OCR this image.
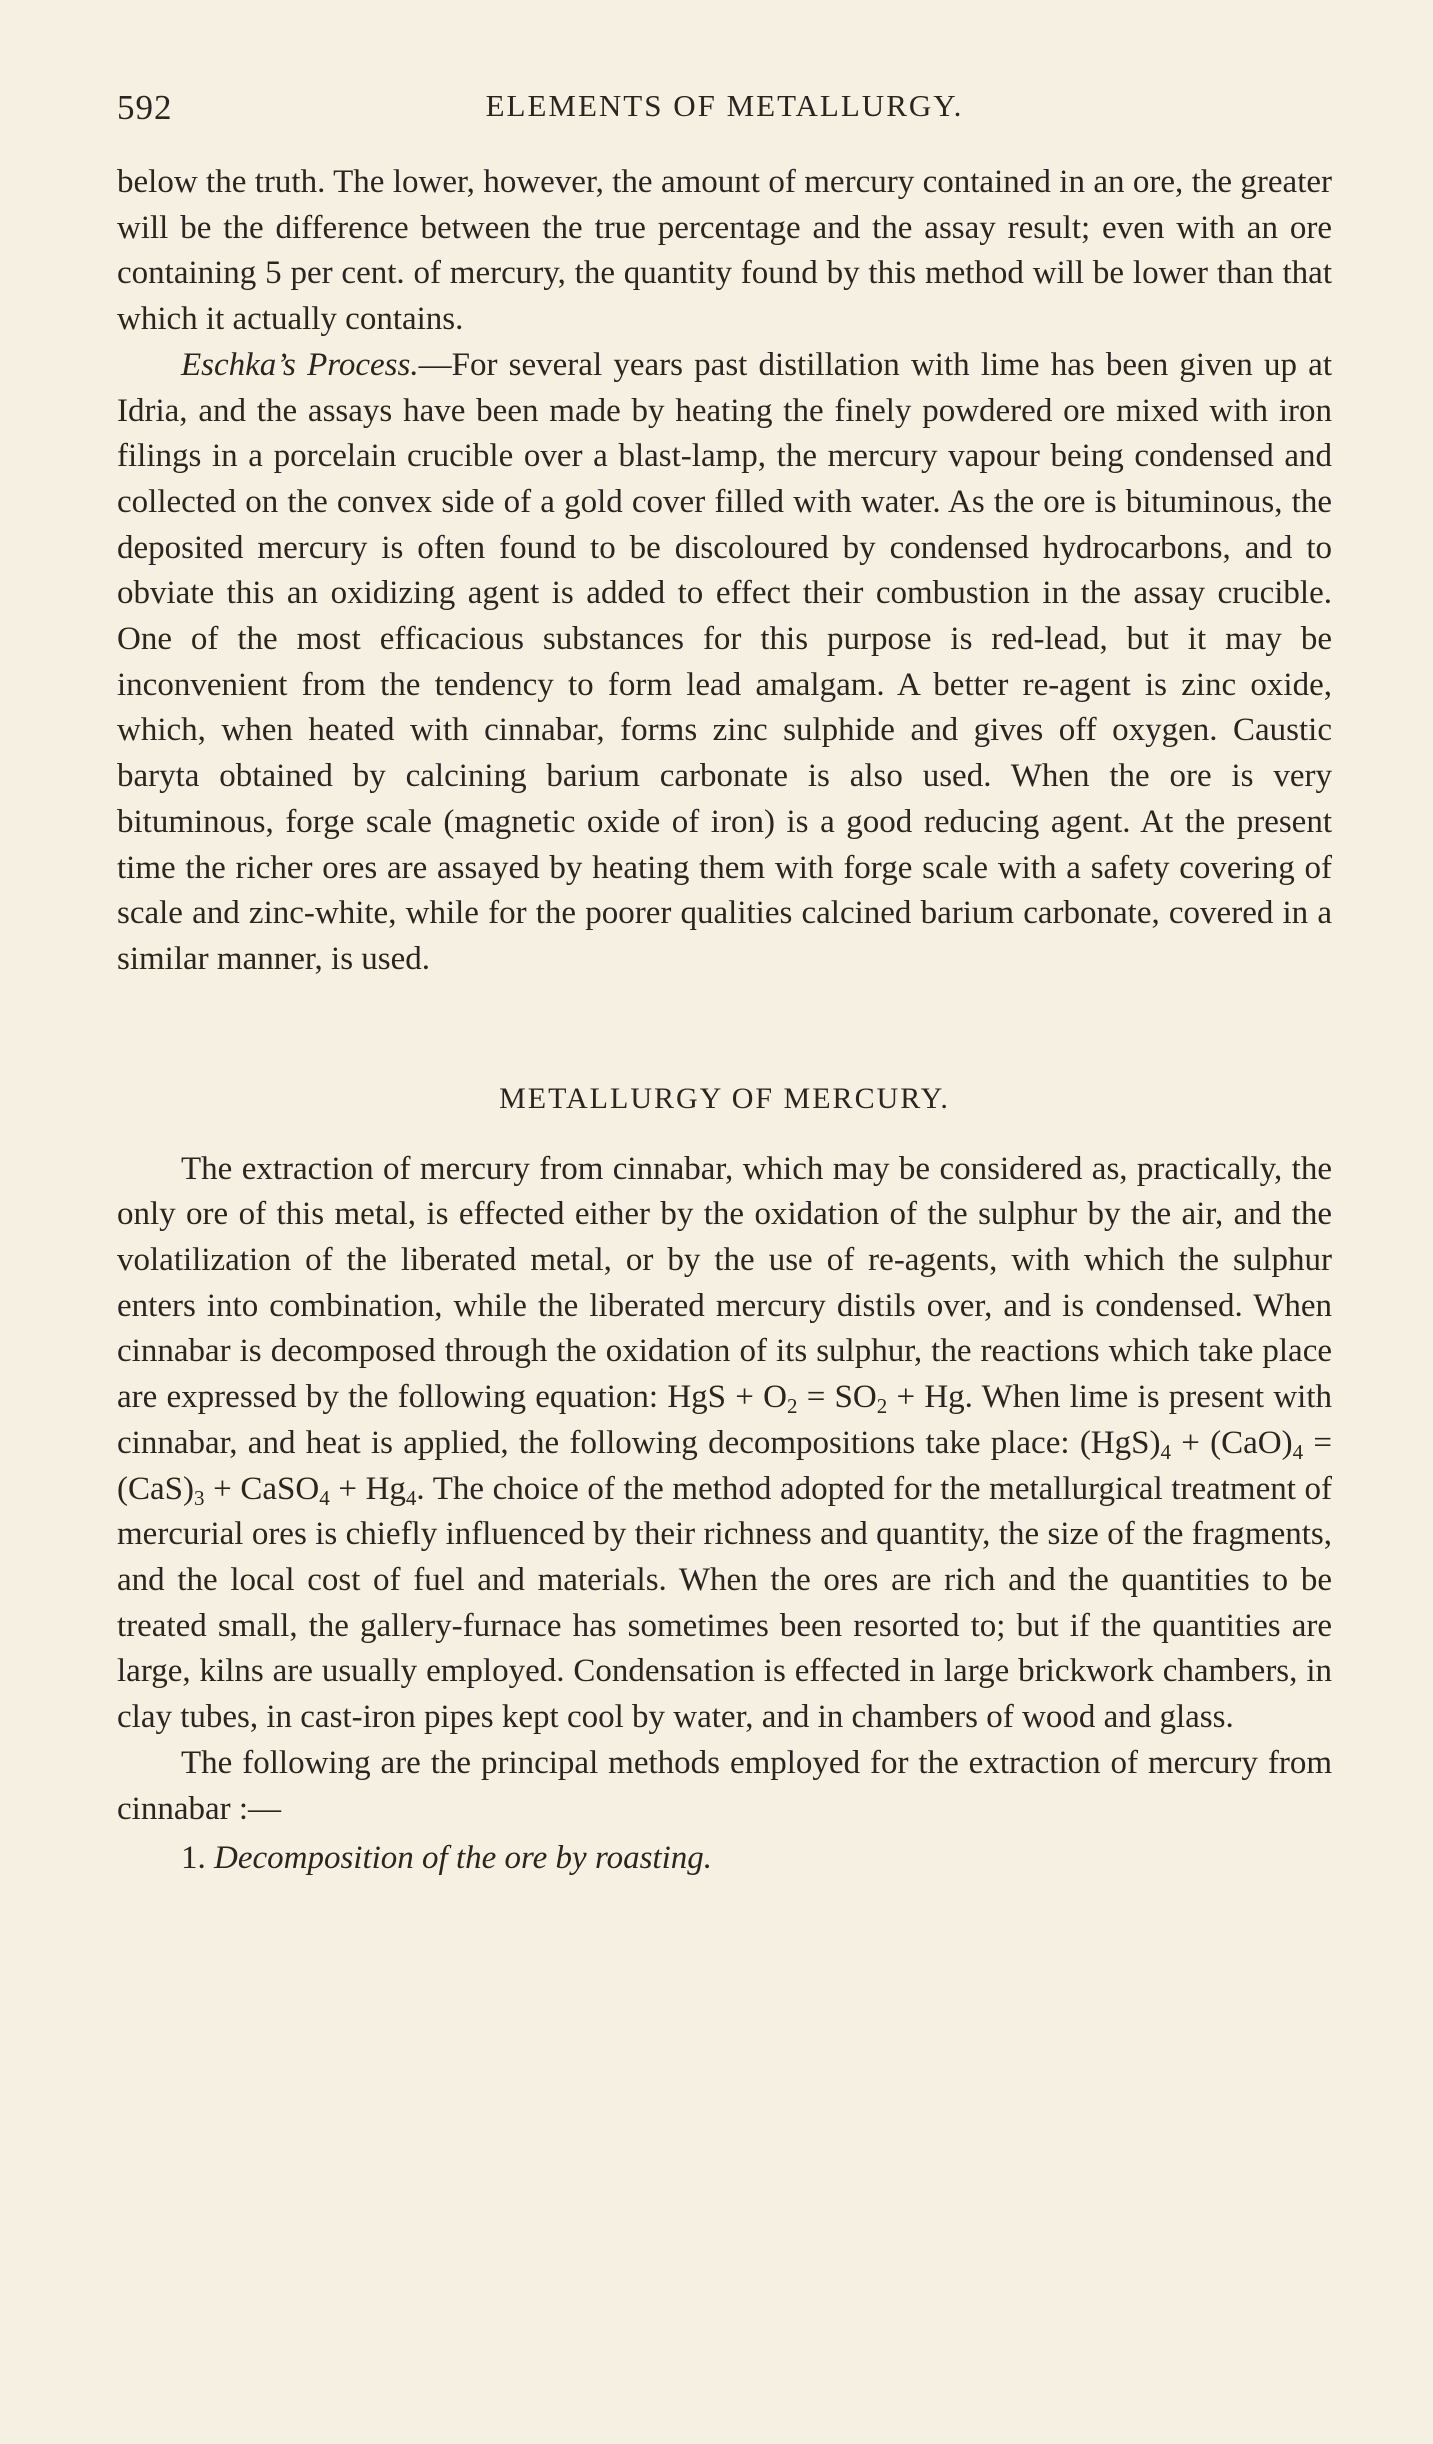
592	ELEMENTS OF METALLURGY.

below the truth. The lower, however, the amount of mercury contained in an ore, the greater will be the difference between the true percentage and the assay result; even with an ore containing 5 per cent. of mercury, the quantity found by this method will be lower than that which it actually contains.

Eschka’s Process.—For several years past distillation with lime has been given up at Idria, and the assays have been made by heating the finely powdered ore mixed with iron filings in a porcelain crucible over a blast-lamp, the mercury vapour being condensed and collected on the convex side of a gold cover filled with water. As the ore is bituminous, the deposited mercury is often found to be discoloured by condensed hydrocarbons, and to obviate this an oxidizing agent is added to effect their combustion in the assay crucible. One of the most efficacious substances for this purpose is red-lead, but it may be inconvenient from the tendency to form lead amalgam. A better re-agent is zinc oxide, which, when heated with cinnabar, forms zinc sulphide and gives off oxygen. Caustic baryta obtained by calcining barium carbonate is also used. When the ore is very bituminous, forge scale (magnetic oxide of iron) is a good reducing agent. At the present time the richer ores are assayed by heating them with forge scale with a safety covering of scale and zinc-white, while for the poorer qualities calcined barium carbonate, covered in a similar manner, is used.

METALLURGY OF MERCURY.

The extraction of mercury from cinnabar, which may be considered as, practically, the only ore of this metal, is effected either by the oxidation of the sulphur by the air, and the volatilization of the liberated metal, or by the use of re-agents, with which the sulphur enters into combination, while the liberated mercury distils over, and is condensed. When cinnabar is decomposed through the oxidation of its sulphur, the reactions which take place are expressed by the following equation: HgS + $O_2 = SO_2 + Hg$. When lime is present with cinnabar, and heat is applied, the following decompositions take place: $(HgS)_4 + (CaO)_4 = (CaS)_3$ + CaSO$_4$ + $Hg_4$. The choice of the method adopted for the metallurgical treatment of mercurial ores is chiefly influenced by their richness and quantity, the size of the fragments, and the local cost of fuel and materials. When the ores are rich and the quantities to be treated small, the gallery-furnace has sometimes been resorted to; but if the quantities are large, kilns are usually employed. Condensation is effected in large brickwork chambers, in clay tubes, in cast-iron pipes kept cool by water, and in chambers of wood and glass.

The following are the principal methods employed for the extraction of mercury from cinnabar :—

1. Decomposition of the ore by roasting.
